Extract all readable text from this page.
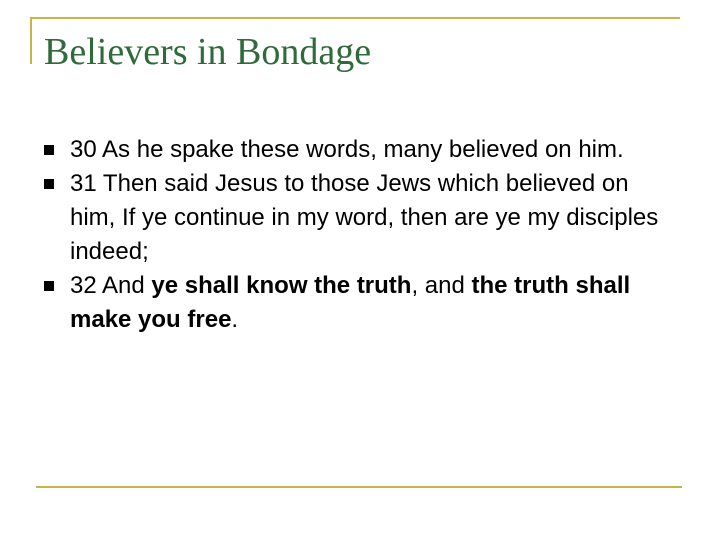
Believers in Bondage
30 As he spake these words, many believed on him.
31 Then said Jesus to those Jews which believed on him, If ye continue in my word, then are ye my disciples indeed;
32 And ye shall know the truth, and the truth shall make you free.
